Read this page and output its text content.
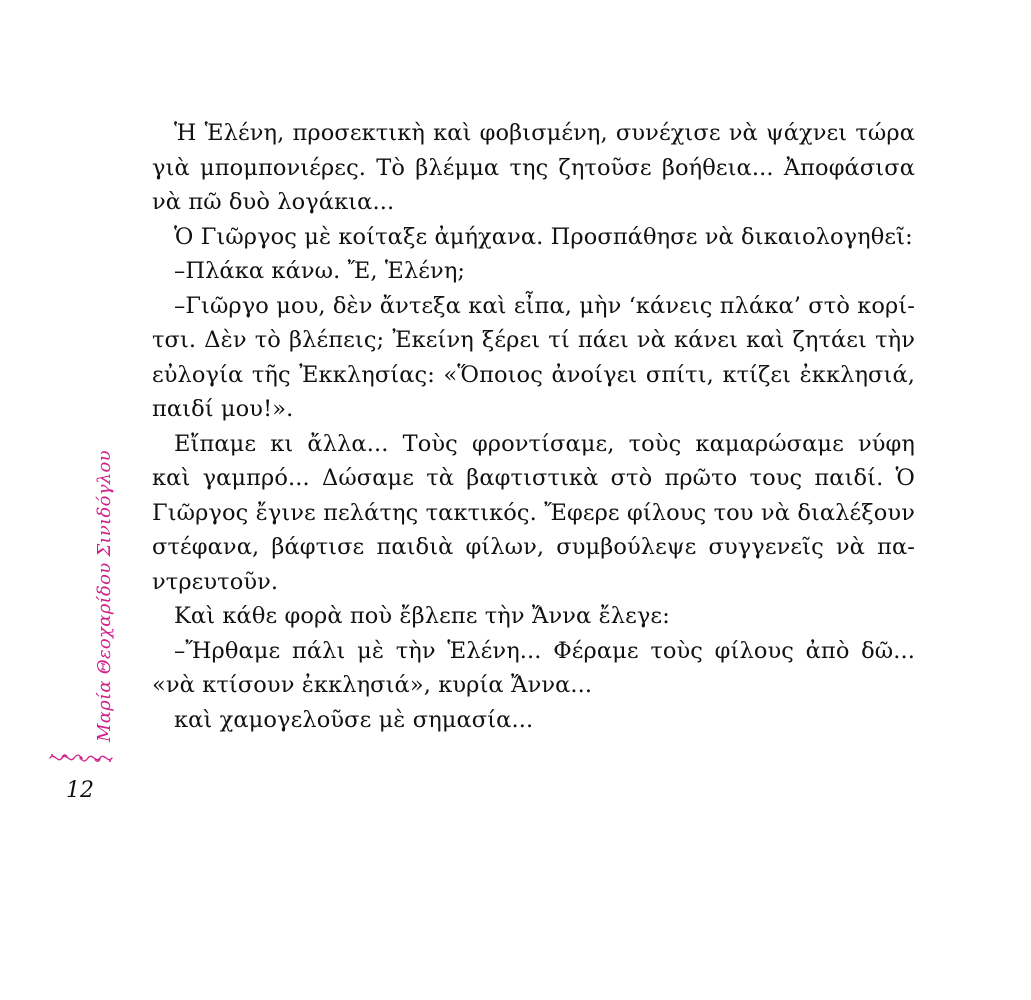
Ἡ Ἑλένη, προσεκτικὴ καὶ φοβισμένη, συνέχισε νὰ ψάχνει τώρα
γιὰ μπομπονιέρες. Τὸ βλέμμα της ζητοῦσε βοήθεια... Ἀποφάσισα
νὰ πῶ δυὸ λογάκια...
Ὁ Γιῶργος μὲ κοίταξε ἀμήχανα. Προσπάθησε νὰ δικαιολογηθεῖ:
–Πλάκα κάνω. Ἔ, Ἑλένη;
–Γιῶργο μου, δὲν ἄντεξα καὶ εἶπα, μὴν ‘κάνεις πλάκα’ στὸ κορί-
τσι. Δὲν τὸ βλέπεις; Ἐκείνη ξέρει τί πάει νὰ κάνει καὶ ζητάει τὴν
εὐλογία τῆς Ἐκκλησίας: «Ὅποιος ἀνοίγει σπίτι, κτίζει ἐκκλησιά,
παιδί μου!».
Εἴπαμε κι ἄλλα... Τοὺς φροντίσαμε, τοὺς καμαρώσαμε νύφη
καὶ γαμπρό... Δώσαμε τὰ βαφτιστικὰ στὸ πρῶτο τους παιδί. Ὁ
Γιῶργος ἔγινε πελάτης τακτικός. Ἔφερε φίλους του νὰ διαλέξουν
στέφανα, βάφτισε παιδιὰ φίλων, συμβούλεψε συγγενεῖς νὰ πα-
ντρευτοῦν.
Καὶ κάθε φορὰ ποὺ ἔβλεπε τὴν Ἄννα ἔλεγε:
–Ἤρθαμε πάλι μὲ τὴν Ἑλένη... Φέραμε τοὺς φίλους ἀπὸ δῶ...
«νὰ κτίσουν ἐκκλησιά», κυρία Ἄννα...
καὶ χαμογελοῦσε μὲ σημασία...
Μαρία Θεοχαρίδου Σινιδόγλου
12
